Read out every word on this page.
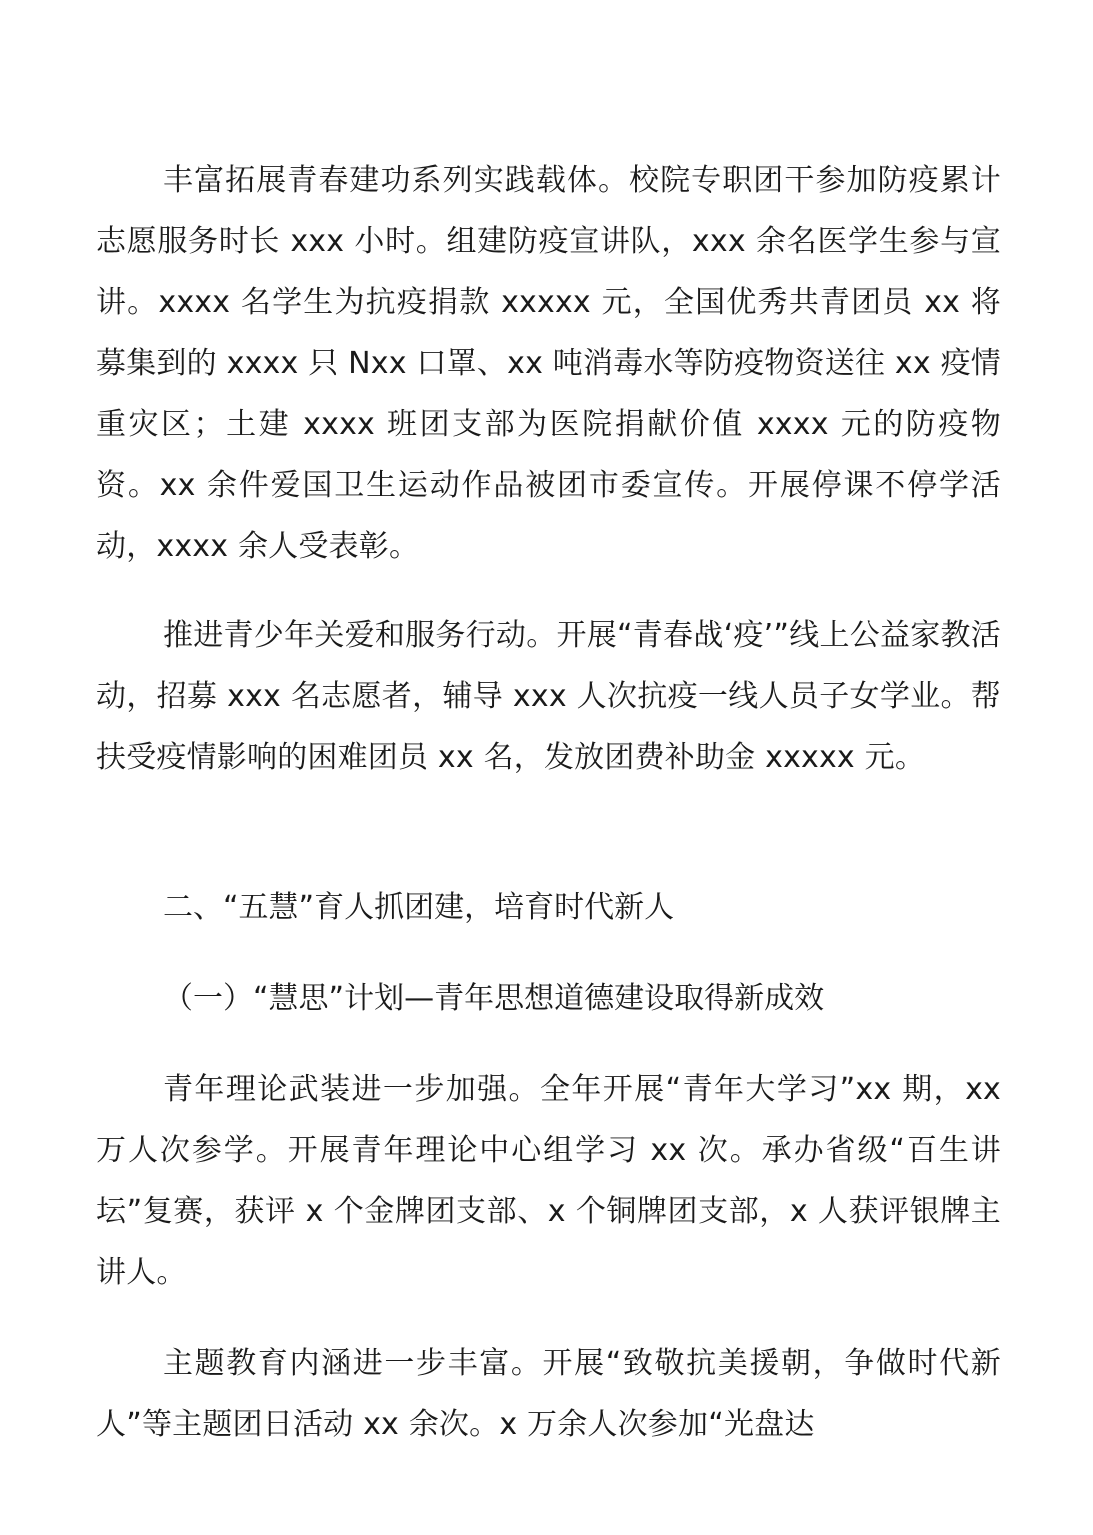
丰富拓展青春建功系列实践载体。校院专职团干参加防疫累计志愿服务时长 xxx 小时。组建防疫宣讲队，xxx 余名医学生参与宣讲。xxxx 名学生为抗疫捐款 xxxxx 元，全国优秀共青团员 xx 将募集到的 xxxx 只 Nxx 口罩、xx 吨消毒水等防疫物资送往 xx 疫情重灾区；土建 xxxx 班团支部为医院捐献价值 xxxx 元的防疫物资。xx 余件爱国卫生运动作品被团市委宣传。开展停课不停学活动，xxxx 余人受表彰。

推进青少年关爱和服务行动。开展“青春战‘疫’”线上公益家教活动，招募 xxx 名志愿者，辅导 xxx 人次抗疫一线人员子女学业。帮扶受疫情影响的困难团员 xx 名，发放团费补助金 xxxxx 元。

二、“五慧”育人抓团建，培育时代新人
（一）“慧思”计划—青年思想道德建设取得新成效

青年理论武装进一步加强。全年开展“青年大学习”xx 期，xx 万人次参学。开展青年理论中心组学习 xx 次。承办省级“百生讲坛”复赛，获评 x 个金牌团支部、x 个铜牌团支部，x 人获评银牌主讲人。

主题教育内涵进一步丰富。开展“致敬抗美援朝，争做时代新人”等主题团日活动 xx 余次。x 万余人次参加“光盘达
